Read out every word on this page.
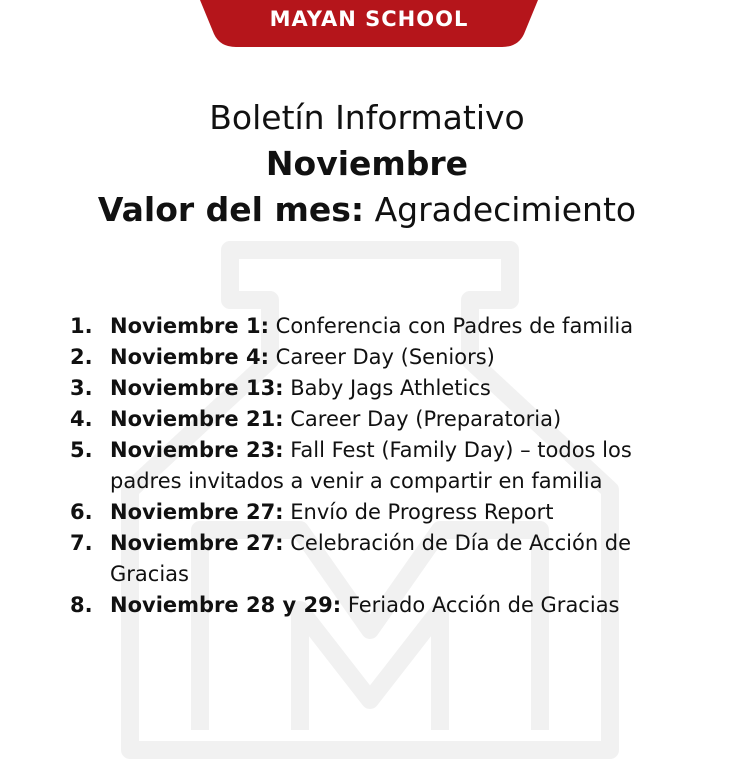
MAYAN SCHOOL
Boletín Informativo
Noviembre
Valor del mes: Agradecimiento
1. Noviembre 1: Conferencia con Padres de familia
2. Noviembre 4: Career Day (Seniors)
3. Noviembre 13: Baby Jags Athletics
4. Noviembre 21: Career Day (Preparatoria)
5. Noviembre 23: Fall Fest (Family Day) – todos los padres invitados a venir a compartir en familia
6. Noviembre 27: Envío de Progress Report
7. Noviembre 27: Celebración de Día de Acción de Gracias
8. Noviembre 28 y 29: Feriado Acción de Gracias
